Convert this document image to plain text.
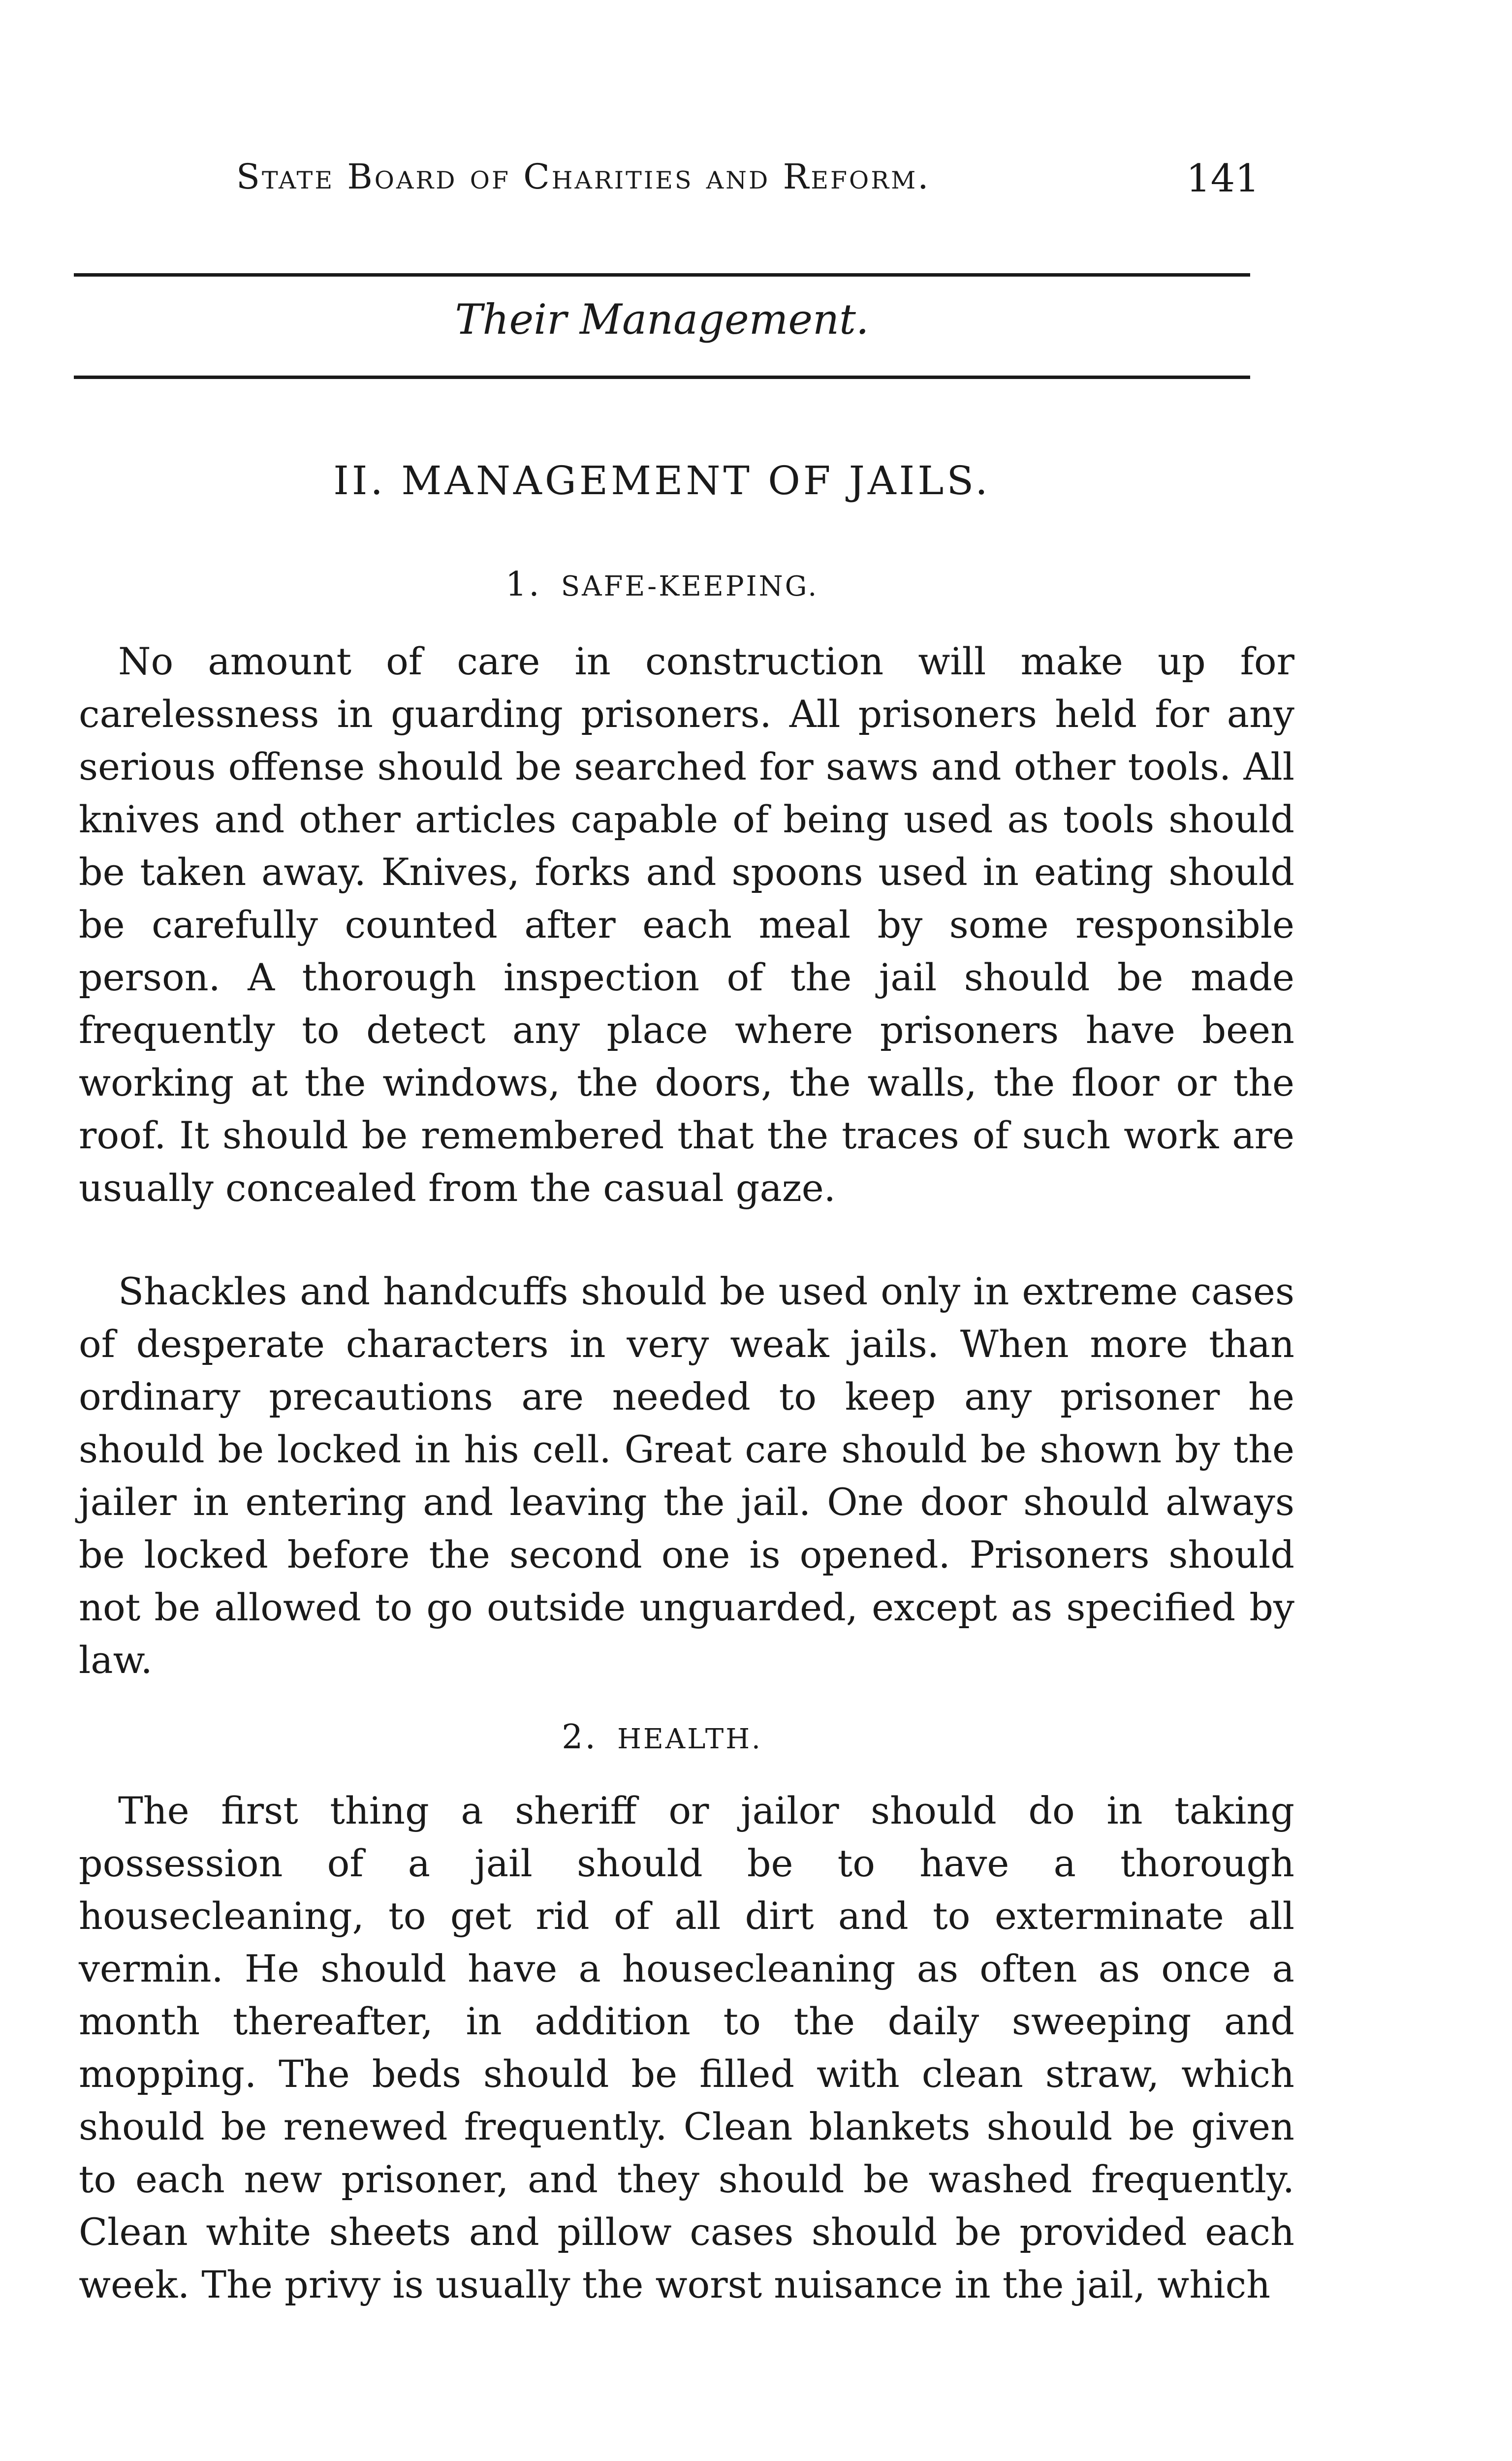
State Board of Charities and Reform.	141
Their Management.
II. MANAGEMENT OF JAILS.
1. SAFE-KEEPING.

No amount of care in construction will make up for carelessness in guarding prisoners. All prisoners held for any serious offense should be searched for saws and other tools. All knives and other articles capable of being used as tools should be taken away. Knives, forks and spoons used in eating should be carefully counted after each meal by some responsible person. A thorough inspection of the jail should be made frequently to detect any place where prisoners have been working at the windows, the doors, the walls, the floor or the roof. It should be remembered that the traces of such work are usually concealed from the casual gaze.

Shackles and handcuffs should be used only in extreme cases of desperate characters in very weak jails. When more than ordinary precautions are needed to keep any prisoner he should be locked in his cell. Great care should be shown by the jailer in entering and leaving the jail. One door should always be locked before the second one is opened. Prisoners should not be allowed to go outside unguarded, except as specified by law.

2. HEALTH.

The first thing a sheriff or jailor should do in taking possession of a jail should be to have a thorough housecleaning, to get rid of all dirt and to exterminate all vermin. He should have a housecleaning as often as once a month thereafter, in addition to the daily sweeping and mopping. The beds should be filled with clean straw, which should be renewed frequently. Clean blankets should be given to each new prisoner, and they should be washed frequently. Clean white sheets and pillow cases should be provided each week. The privy is usually the worst nuisance in the jail, which
